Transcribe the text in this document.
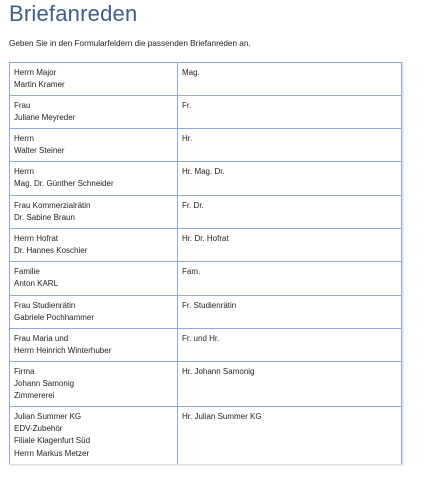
Briefanreden

Geben Sie in den Formularfeldern die passenden Briefanreden an.

Herrn Major
Martin Kramer	Mag.

Frau
Juliane Meyreder	Fr.

Herrn
Walter Steiner	Hr.

Herrn
Mag. Dr. Günther Schneider	Hr. Mag. Dr.

Frau Kommerzialrätin
Dr. Sabine Braun	Fr. Dr.

Herrn Hofrat
Dr. Hannes Koschier	Hr. Dr. Hofrat

Familie
Anton KARL	Fam.

Frau Studienrätin
Gabriele Pochhammer	Fr. Studienrätin

Frau Maria und
Herrn Heinrich Winterhuber	Fr. und Hr.

Firma
Johann Samonig
Zimmererei	Hr. Johann Samonig

Julian Summer KG
EDV-Zubehör
Filiale Klagenfurt Süd
Herrn Markus Metzer	Hr. Julian Summer KG
